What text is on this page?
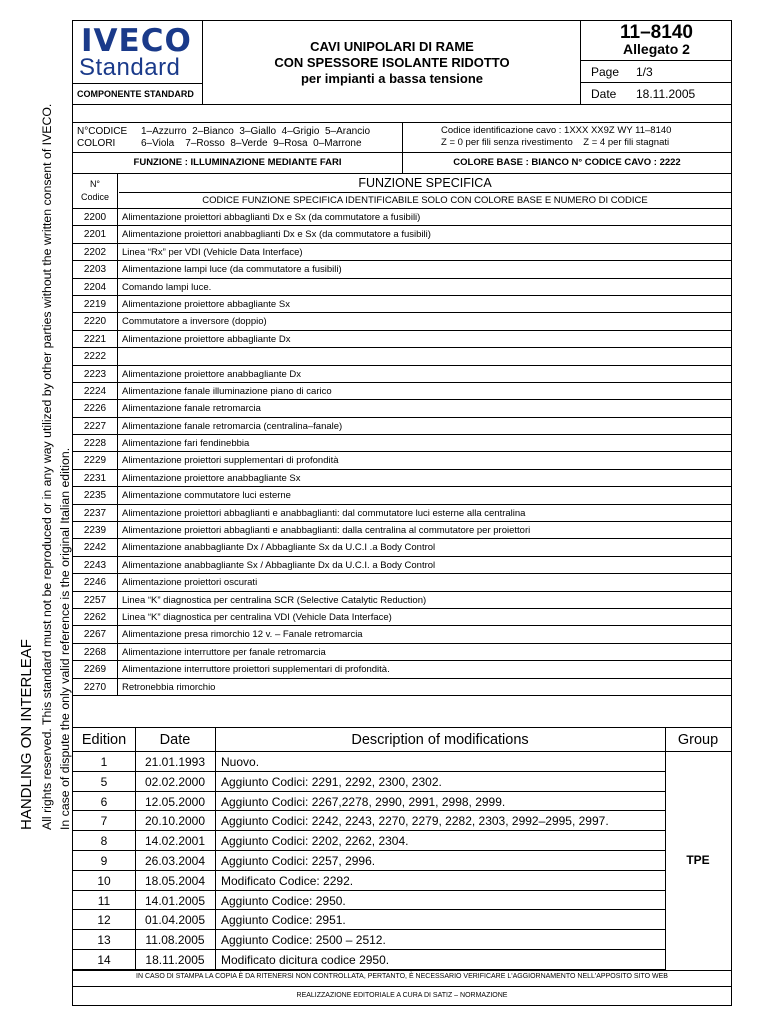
HANDLING ON INTERLEAF All rights reserved. This standard must not be reproduced or in any way utilized by other parties without the written consent of IVECO. In case of dispute the only valid reference is the original Italian edition.
IVECO
Standard
COMPONENTE STANDARD
CAVI UNIPOLARI DI RAME
CON SPESSORE ISOLANTE RIDOTTO
per impianti a bassa tensione
11–8140
Allegato 2
Page 1/3
Date 18.11.2005
N°CODICE 1–Azzurro  2–Bianco  3–Giallo  4–Grigio  5–Arancio
COLORI	6–Viola    7–Rosso  8–Verde  9–Rosa  0–Marrone
Codice identificazione cavo : 1XXX XX9Z WY 11–8140
Z = 0 per fili senza rivestimento    Z = 4 per fili stagnati
FUNZIONE : ILLUMINAZIONE MEDIANTE FARI	COLORE BASE : BIANCO N° CODICE CAVO : 2222
N°
Codice
FUNZIONE SPECIFICA
CODICE FUNZIONE SPECIFICA IDENTIFICABILE SOLO CON COLORE BASE E NUMERO DI CODICE
2200	Alimentazione proiettori abbaglianti Dx e Sx (da commutatore a fusibili)
2201	Alimentazione proiettori anabbaglianti Dx e Sx (da commutatore a fusibili)
2202	Linea “Rx” per VDI (Vehicle Data Interface)
2203	Alimentazione lampi luce (da commutatore a fusibili)
2204	Comando lampi luce.
2219	Alimentazione proiettore abbagliante Sx
2220	Commutatore a inversore (doppio)
2221	Alimentazione proiettore abbagliante Dx
2222
2223	Alimentazione proiettore anabbagliante Dx
2224	Alimentazione fanale illuminazione piano di carico
2226	Alimentazione fanale retromarcia
2227	Alimentazione fanale retromarcia (centralina–fanale)
2228	Alimentazione fari fendinebbia
2229	Alimentazione proiettori supplementari di profondità
2231	Alimentazione proiettore anabbagliante Sx
2235	Alimentazione commutatore luci esterne
2237	Alimentazione proiettori abbaglianti e anabbaglianti: dal commutatore luci esterne alla centralina
2239	Alimentazione proiettori abbaglianti e anabbaglianti: dalla centralina al commutatore per proiettori
2242	Alimentazione anabbagliante Dx / Abbagliante Sx da U.C.I .a Body Control
2243	Alimentazione anabbagliante Sx / Abbagliante Dx da U.C.I. a Body Control
2246	Alimentazione proiettori oscurati
2257	Linea “K” diagnostica per centralina SCR (Selective Catalytic Reduction)
2262	Linea “K” diagnostica per centralina VDI (Vehicle Data Interface)
2267	Alimentazione presa rimorchio 12 v. – Fanale retromarcia
2268	Alimentazione interruttore per fanale retromarcia
2269	Alimentazione interruttore proiettori supplementari di profondità.
2270	Retronebbia rimorchio
Edition	Date	Description of modifications	Group
1	21.01.1993	Nuovo.
5	02.02.2000	Aggiunto Codici: 2291, 2292, 2300, 2302.
6	12.05.2000	Aggiunto Codici: 2267,2278, 2990, 2991, 2998, 2999.
7	20.10.2000	Aggiunto Codici: 2242, 2243, 2270, 2279, 2282, 2303, 2992–2995, 2997.
8	14.02.2001	Aggiunto Codici: 2202, 2262, 2304.
9	26.03.2004	Aggiunto Codici: 2257, 2996.
10	18.05.2004	Modificato Codice: 2292.
11	14.01.2005	Aggiunto Codice: 2950.
12	01.04.2005	Aggiunto Codice: 2951.
13	11.08.2005	Aggiunto Codice: 2500 – 2512.
14	18.11.2005	Modificato dicitura codice 2950.
TPE
IN CASO DI STAMPA LA COPIA È DA RITENERSI NON CONTROLLATA, PERTANTO, È NECESSARIO VERIFICARE L'AGGIORNAMENTO NELL'APPOSITO SITO WEB
REALIZZAZIONE EDITORIALE A CURA DI SATIZ – NORMAZIONE
